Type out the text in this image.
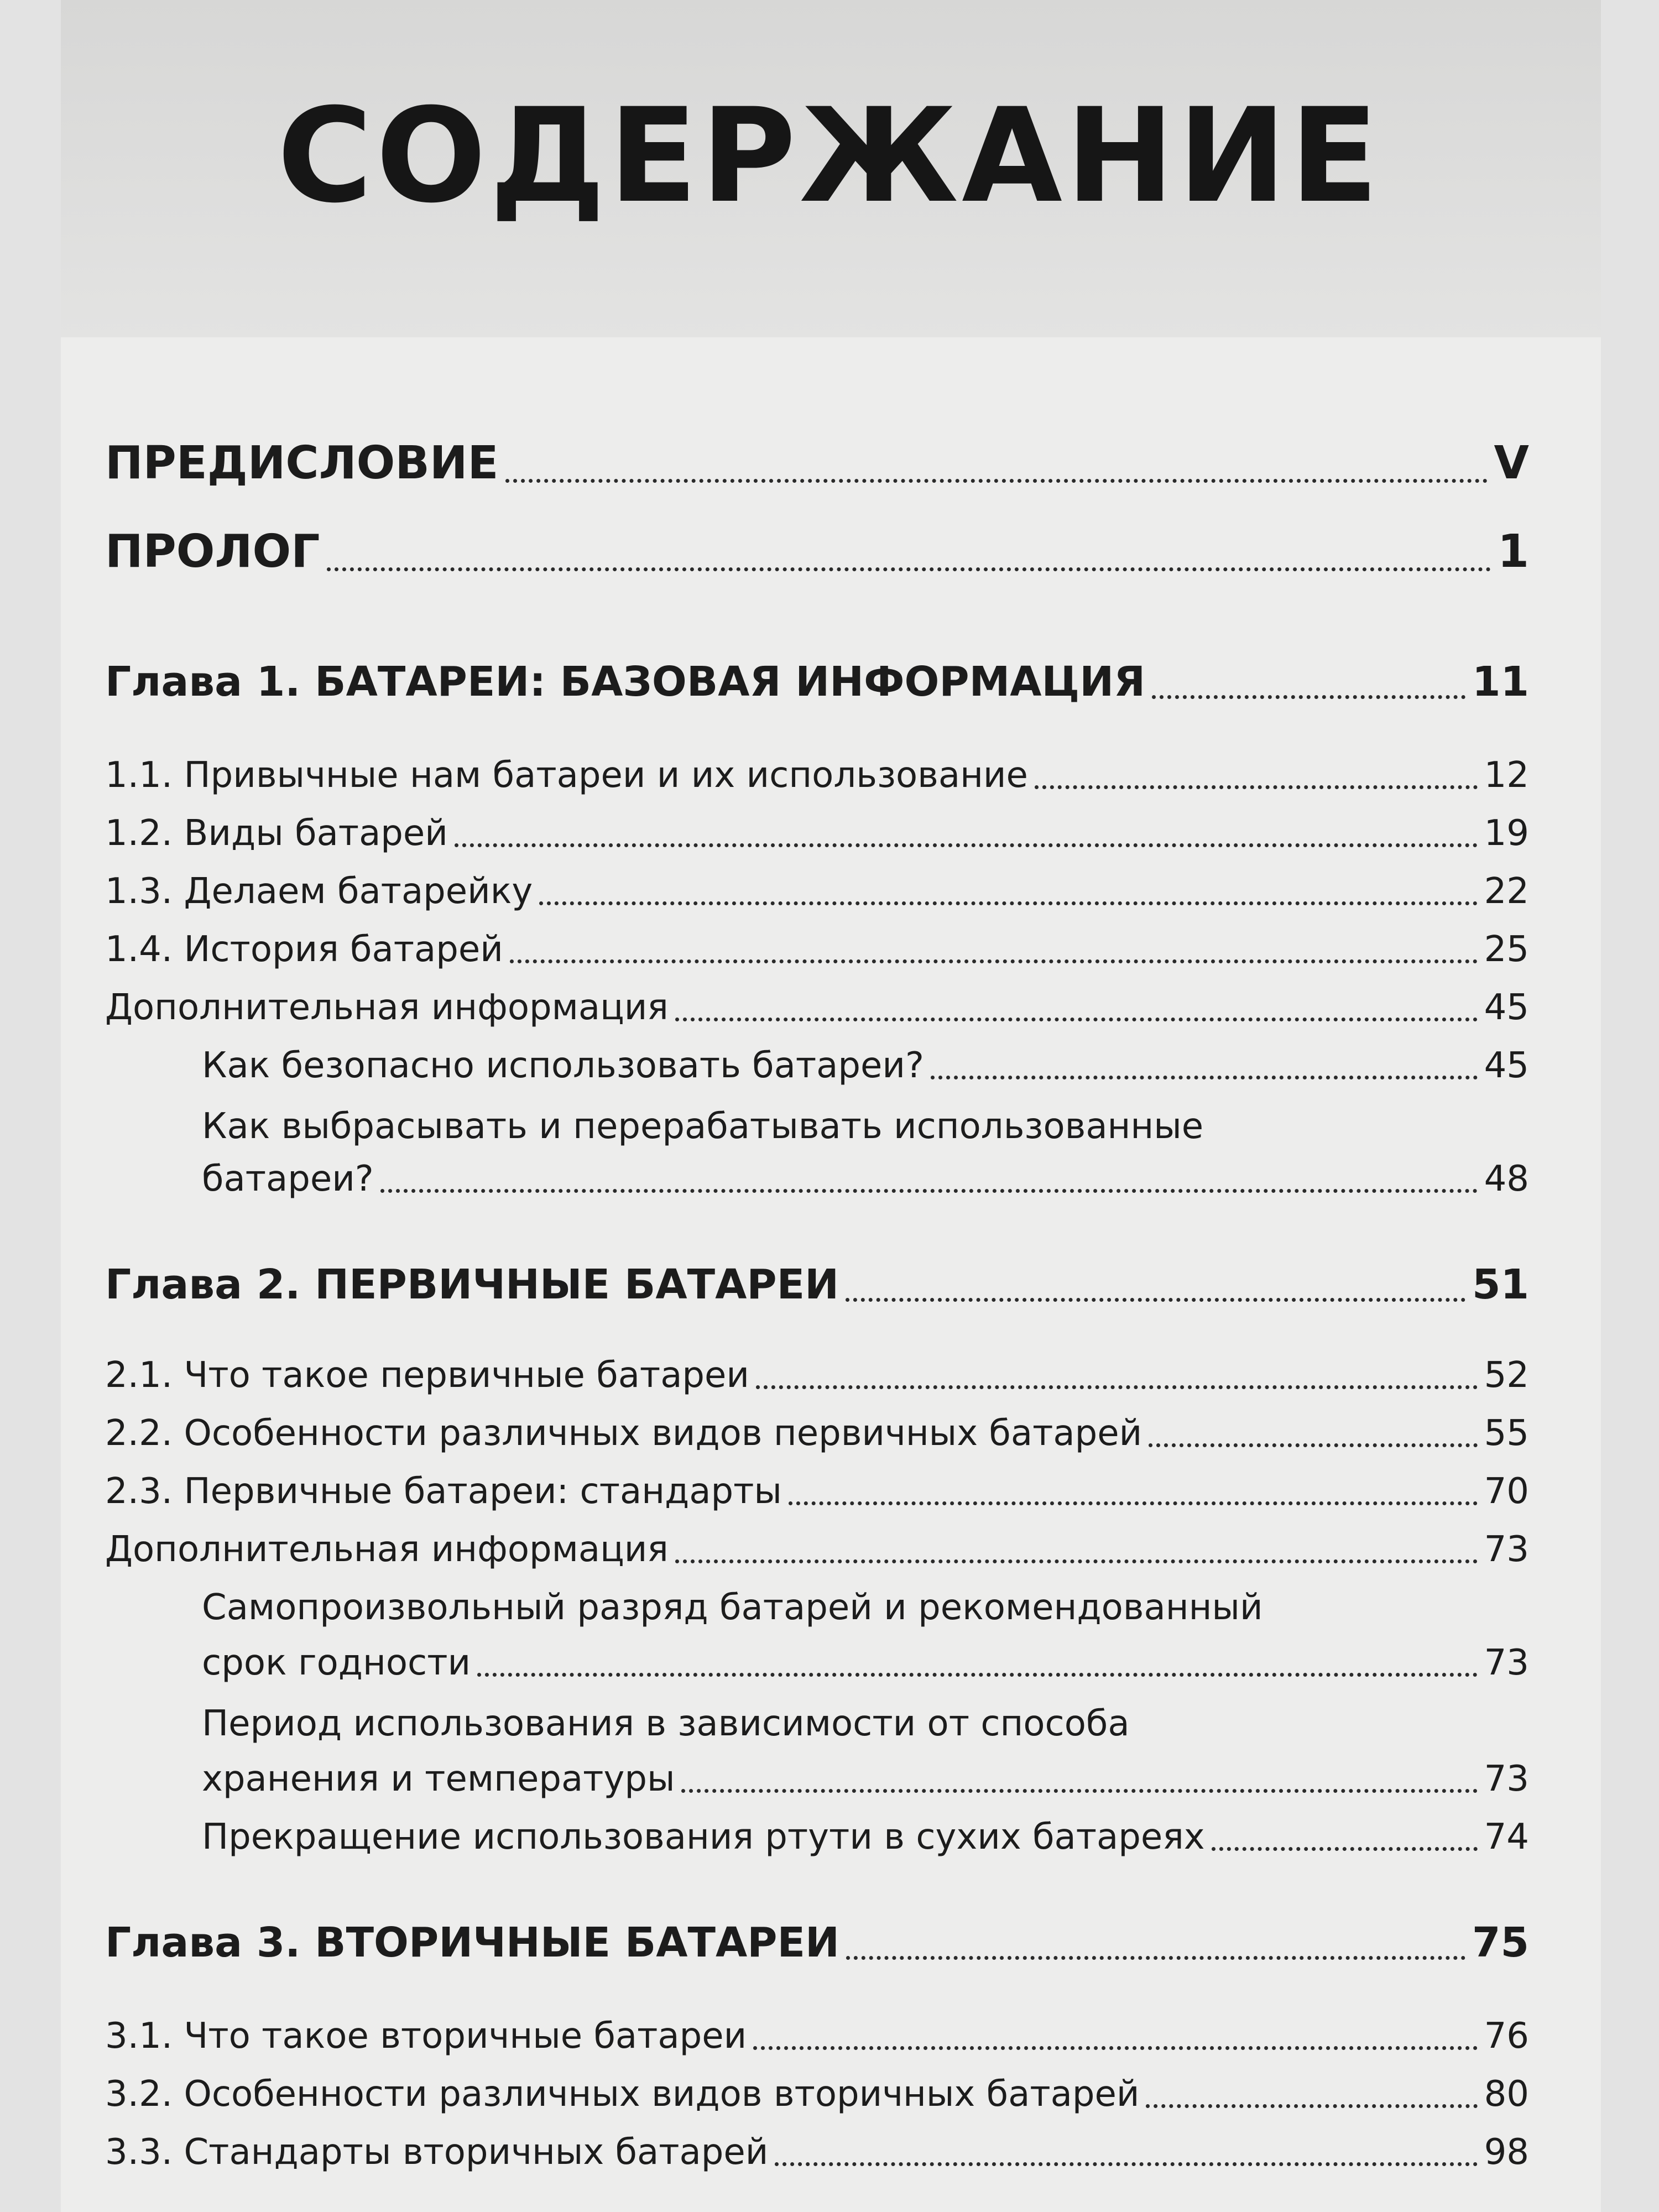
СОДЕРЖАНИЕ
ПРЕДИСЛОВИЕ	V
ПРОЛОГ	1
Глава 1. БАТАРЕИ: БАЗОВАЯ ИНФОРМАЦИЯ	11
1.1. Привычные нам батареи и их использование	12
1.2. Виды батарей	19
1.3. Делаем батарейку	22
1.4. История батарей	25
Дополнительная информация	45
Как безопасно использовать батареи?	45
Как выбрасывать и перерабатывать использованные
батареи?	48
Глава 2. ПЕРВИЧНЫЕ БАТАРЕИ	51
2.1. Что такое первичные батареи	52
2.2. Особенности различных видов первичных батарей	55
2.3. Первичные батареи: стандарты	70
Дополнительная информация	73
Самопроизвольный разряд батарей и рекомендованный
срок годности	73
Период использования в зависимости от способа
хранения и температуры	73
Прекращение использования ртути в сухих батареях	74
Глава 3. ВТОРИЧНЫЕ БАТАРЕИ	75
3.1. Что такое вторичные батареи	76
3.2. Особенности различных видов вторичных батарей	80
3.3. Стандарты вторичных батарей	98
